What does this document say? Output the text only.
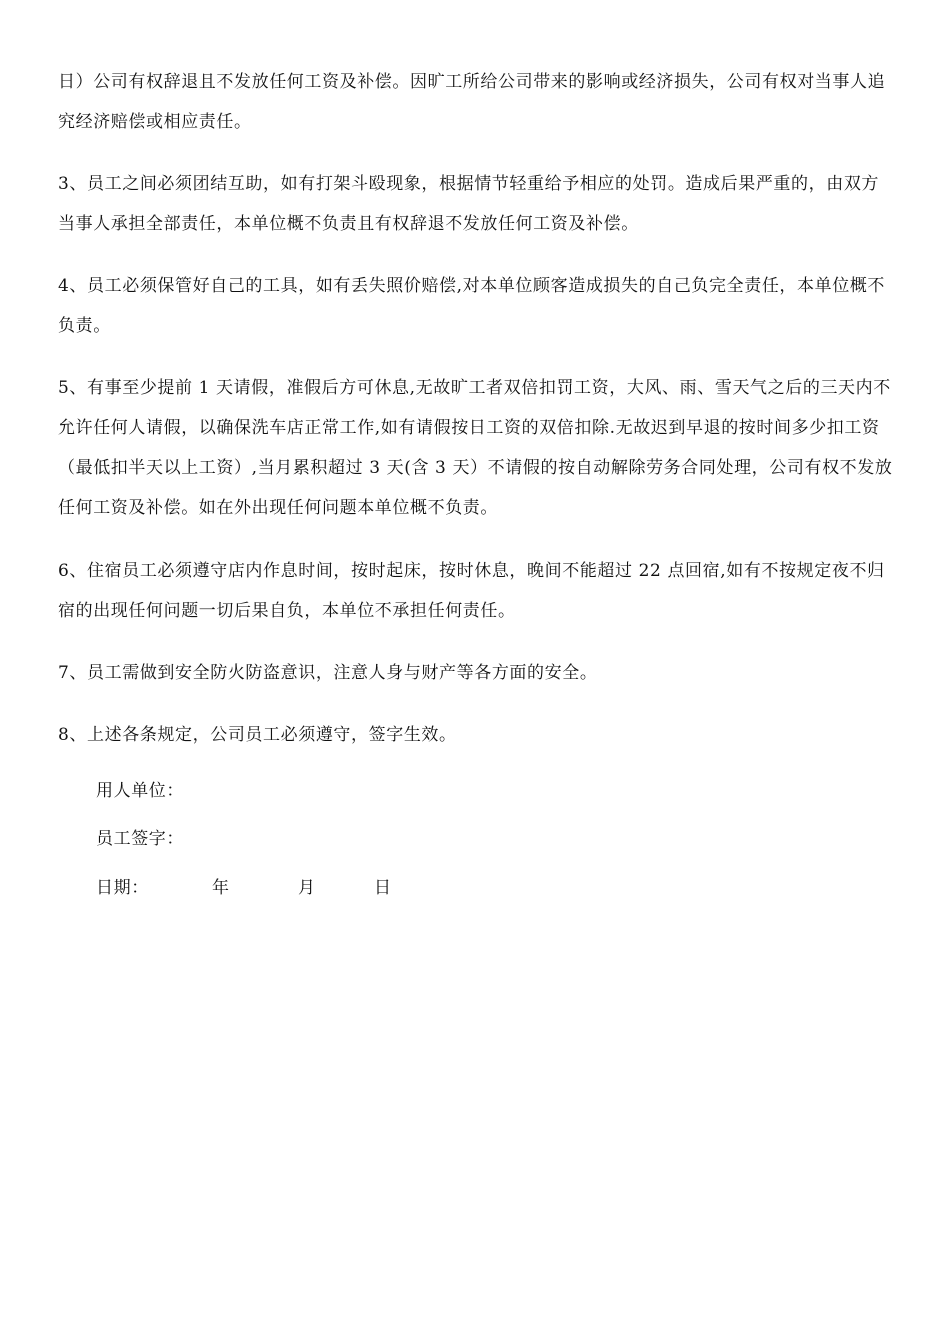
日）公司有权辞退且不发放任何工资及补偿。因旷工所给公司带来的影响或经济损失，公司有权对当事人追究经济赔偿或相应责任。

3、员工之间必须团结互助，如有打架斗殴现象，根据情节轻重给予相应的处罚。造成后果严重的，由双方当事人承担全部责任，本单位概不负责且有权辞退不发放任何工资及补偿。

4、员工必须保管好自己的工具，如有丢失照价赔偿,对本单位顾客造成损失的自己负完全责任，本单位概不负责。

5、有事至少提前 1 天请假，准假后方可休息,无故旷工者双倍扣罚工资，大风、雨、雪天气之后的三天内不允许任何人请假，以确保洗车店正常工作,如有请假按日工资的双倍扣除.无故迟到早退的按时间多少扣工资（最低扣半天以上工资）,当月累积超过 3 天(含 3 天）不请假的按自动解除劳务合同处理，公司有权不发放任何工资及补偿。如在外出现任何问题本单位概不负责。

6、住宿员工必须遵守店内作息时间，按时起床，按时休息，晚间不能超过 22 点回宿,如有不按规定夜不归宿的出现任何问题一切后果自负，本单位不承担任何责任。

7、员工需做到安全防火防盗意识，注意人身与财产等各方面的安全。

8、上述各条规定，公司员工必须遵守，签字生效。

用人单位：
员工签字：
日期：	年	月	日
